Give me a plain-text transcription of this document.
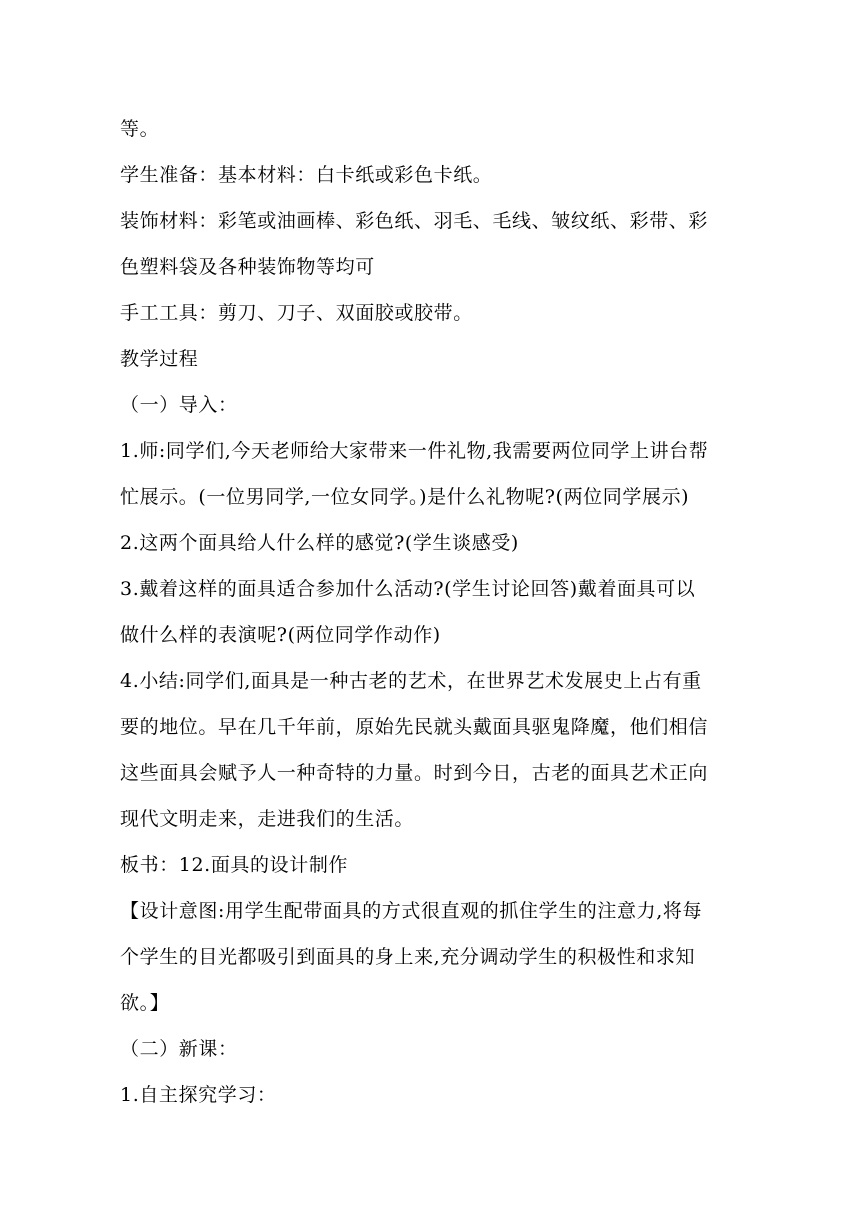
等。
学生准备：基本材料：白卡纸或彩色卡纸。
装饰材料：彩笔或油画棒、彩色纸、羽毛、毛线、皱纹纸、彩带、彩
色塑料袋及各种装饰物等均可
手工工具：剪刀、刀子、双面胶或胶带。
教学过程
（一）导入：
1.师:同学们,今天老师给大家带来一件礼物,我需要两位同学上讲台帮
忙展示。(一位男同学,一位女同学。)是什么礼物呢?(两位同学展示)
2.这两个面具给人什么样的感觉?(学生谈感受)
3.戴着这样的面具适合参加什么活动?(学生讨论回答)戴着面具可以
做什么样的表演呢?(两位同学作动作)
4.小结:同学们,面具是一种古老的艺术，在世界艺术发展史上占有重
要的地位。早在几千年前，原始先民就头戴面具驱鬼降魔，他们相信
这些面具会赋予人一种奇特的力量。时到今日，古老的面具艺术正向
现代文明走来，走进我们的生活。
板书：12.面具的设计制作
【设计意图:用学生配带面具的方式很直观的抓住学生的注意力,将每
个学生的目光都吸引到面具的身上来,充分调动学生的积极性和求知
欲。】
（二）新课：
1.自主探究学习：
